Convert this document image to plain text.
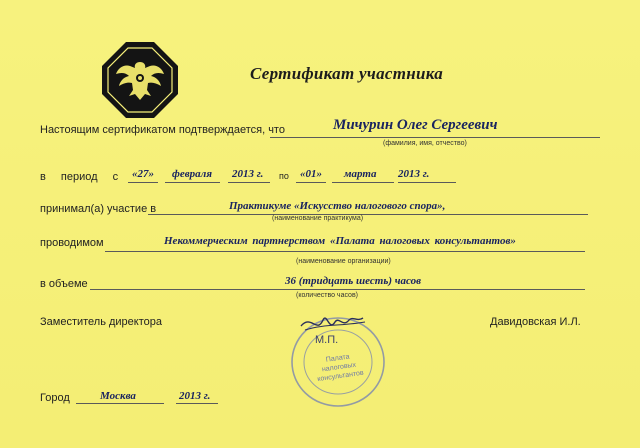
Сертификат участника
Настоящим сертификатом подтверждается, что	Мичурин Олег Сергеевич
(фамилия, имя, отчество)
в период с «27» февраля 2013 г. по «01» марта 2013 г.
принимал(а) участие в	Практикуме «Искусство налогового спора»,
(наименование практикума)
проводимом	Некоммерческим партнерством «Палата налоговых консультантов»
(наименование организации)
в объеме	36 (тридцать шесть) часов
(количество часов)
Заместитель директора	Давидовская И.Л.
М.П.
Палата налоговых консультантов
Город	Москва	2013 г.
